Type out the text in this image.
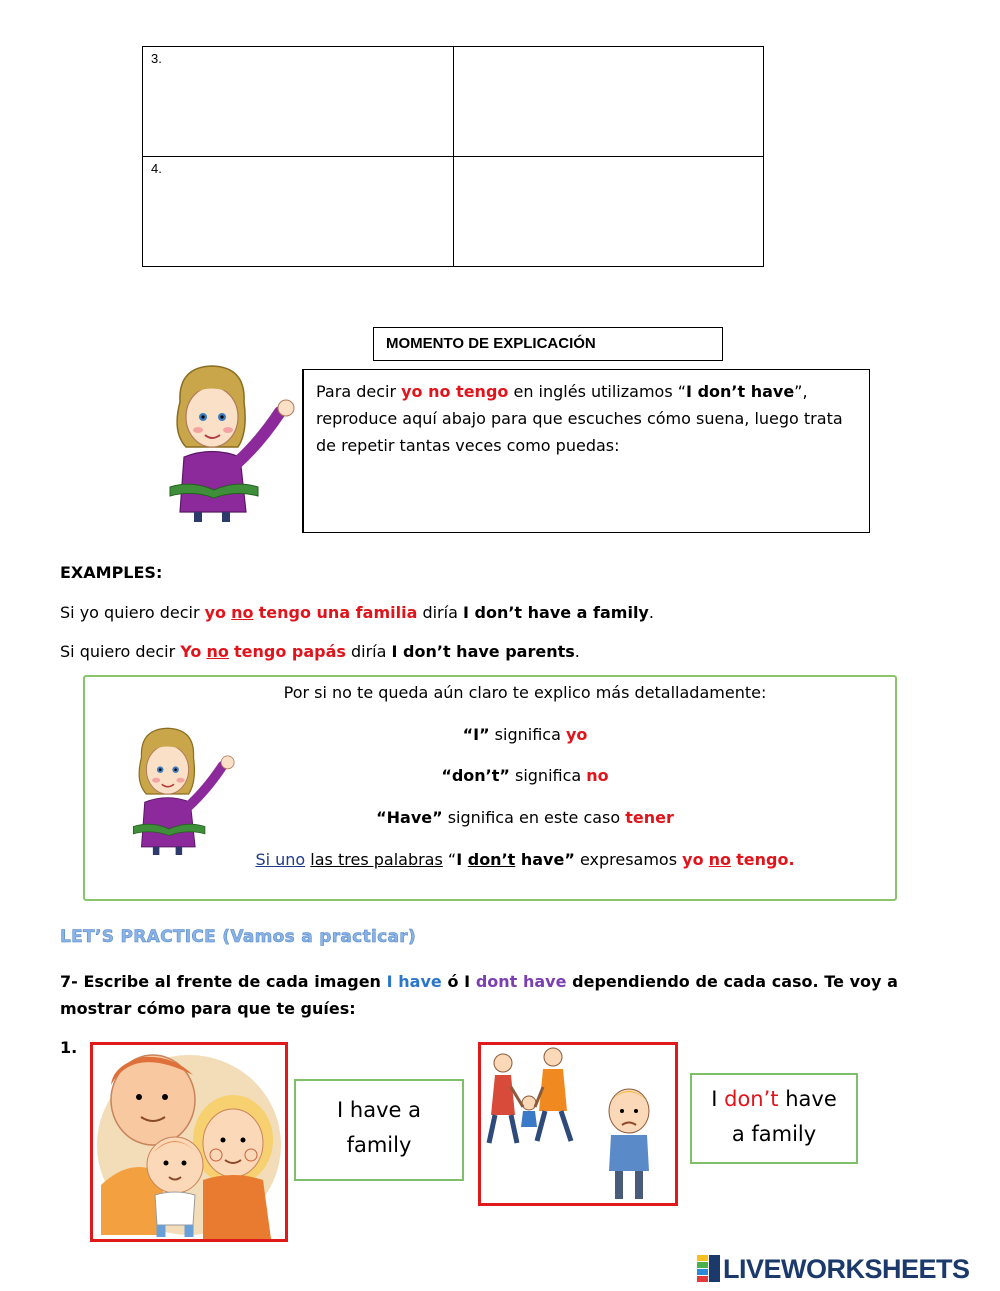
3.
4.
MOMENTO DE EXPLICACIÓN
Para decir yo no tengo en inglés utilizamos “I don’t have”, reproduce aquí abajo para que escuches cómo suena, luego trata de repetir tantas veces como puedas:
EXAMPLES:
Si yo quiero decir yo no tengo una familia diría I don’t have a family.
Si quiero decir Yo no tengo papás diría I don’t have parents.
Por si no te queda aún claro te explico más detalladamente:
“I” significa yo
“don’t” significa no
“Have” significa en este caso tener
Si uno las tres palabras “I don’t have” expresamos yo no tengo.
LET’S PRACTICE (Vamos a practicar)
7- Escribe al frente de cada imagen I have ó I dont have dependiendo de cada caso. Te voy a mostrar cómo para que te guíes:
1.
I have a
family
I don’t have
a family
LIVEWORKSHEETS
